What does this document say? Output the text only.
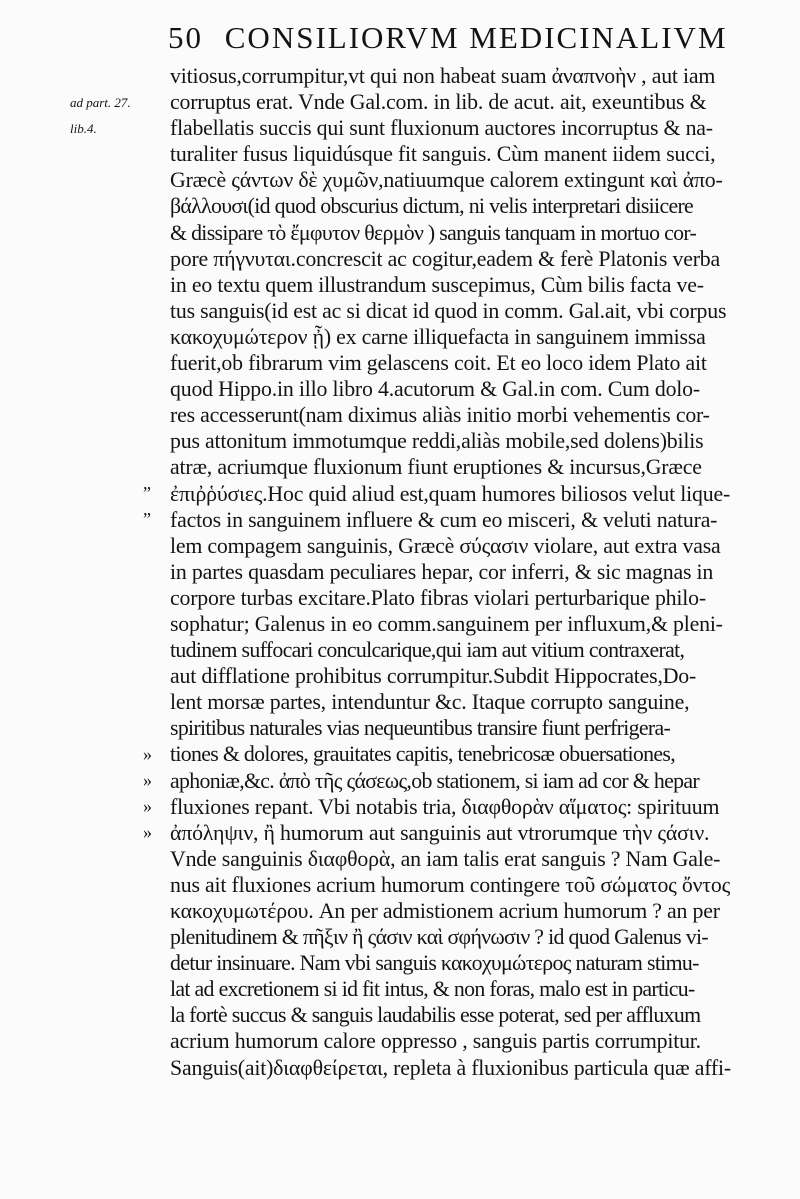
50 CONSILIORVM MEDICINALIVM
ad part. 27.
lib.4.
”
”
»
»
»
»
vitiosus,corrumpitur,vt qui non habeat suam ἀναπνοὴν , aut iam
corruptus erat. Vnde Gal.com. in lib. de acut. ait, exeuntibus &
flabellatis succis qui sunt fluxionum auctores incorruptus & na-
turaliter fusus liquidúsque fit sanguis. Cùm manent iidem succi,
Græcè ςάντων δὲ χυμῶν,natiuumque calorem extingunt καὶ ἀπο-
βάλλουσι(id quod obscurius dictum, ni velis interpretari disiicere
& dissipare τὸ ἔμφυτον θερμὸν ) sanguis tanquam in mortuo cor-
pore πήγνυται.concrescit ac cogitur,eadem & ferè Platonis verba
in eo textu quem illustrandum suscepimus, Cùm bilis facta ve-
tus sanguis(id est ac si dicat id quod in comm. Gal.ait, vbi corpus
κακοχυμώτερον ᾖ) ex carne illiquefacta in sanguinem immissa
fuerit,ob fibrarum vim gelascens coit. Et eo loco idem Plato ait
quod Hippo.in illo libro 4.acutorum & Gal.in com. Cum dolo-
res accesserunt(nam diximus aliàs initio morbi vehementis cor-
pus attonitum immotumque reddi,aliàs mobile,sed dolens)bilis
atræ, acriumque fluxionum fiunt eruptiones & incursus,Græce
ἐπιῤῥύσιες.Hoc quid aliud est,quam humores biliosos velut lique-
factos in sanguinem influere & cum eo misceri, & veluti natura-
lem compagem sanguinis, Græcè σύςασιν violare, aut extra vasa
in partes quasdam peculiares hepar, cor inferri, & sic magnas in
corpore turbas excitare.Plato fibras violari perturbarique philo-
sophatur; Galenus in eo comm.sanguinem per influxum,& pleni-
tudinem suffocari conculcarique,qui iam aut vitium contraxerat,
aut difflatione prohibitus corrumpitur.Subdit Hippocrates,Do-
lent morsæ partes, intenduntur &c. Itaque corrupto sanguine,
spiritibus naturales vias nequeuntibus transire fiunt perfrigera-
tiones & dolores, grauitates capitis, tenebricosæ obuersationes,
aphoniæ,&c. ἀπὸ τῆς ςάσεως,ob stationem, si iam ad cor & hepar
fluxiones repant. Vbi notabis tria, διαφθορὰν αἵματος: spirituum
ἀπόληψιν, ἢ humorum aut sanguinis aut vtrorumque τὴν ςάσιν.
Vnde sanguinis διαφθορὰ, an iam talis erat sanguis ? Nam Gale-
nus ait fluxiones acrium humorum contingere τοῦ σώματος ὄντος
κακοχυμωτέρου. An per admistionem acrium humorum ? an per
plenitudinem & πῆξιν ἢ ςάσιν καὶ σφήνωσιν ? id quod Galenus vi-
detur insinuare. Nam vbi sanguis κακοχυμώτερος naturam stimu-
lat ad excretionem si id fit intus, & non foras, malo est in particu-
la fortè succus & sanguis laudabilis esse poterat, sed per affluxum
acrium humorum calore oppresso , sanguis partis corrumpitur.
Sanguis(ait)διαφθείρεται, repleta à fluxionibus particula quæ affi-
